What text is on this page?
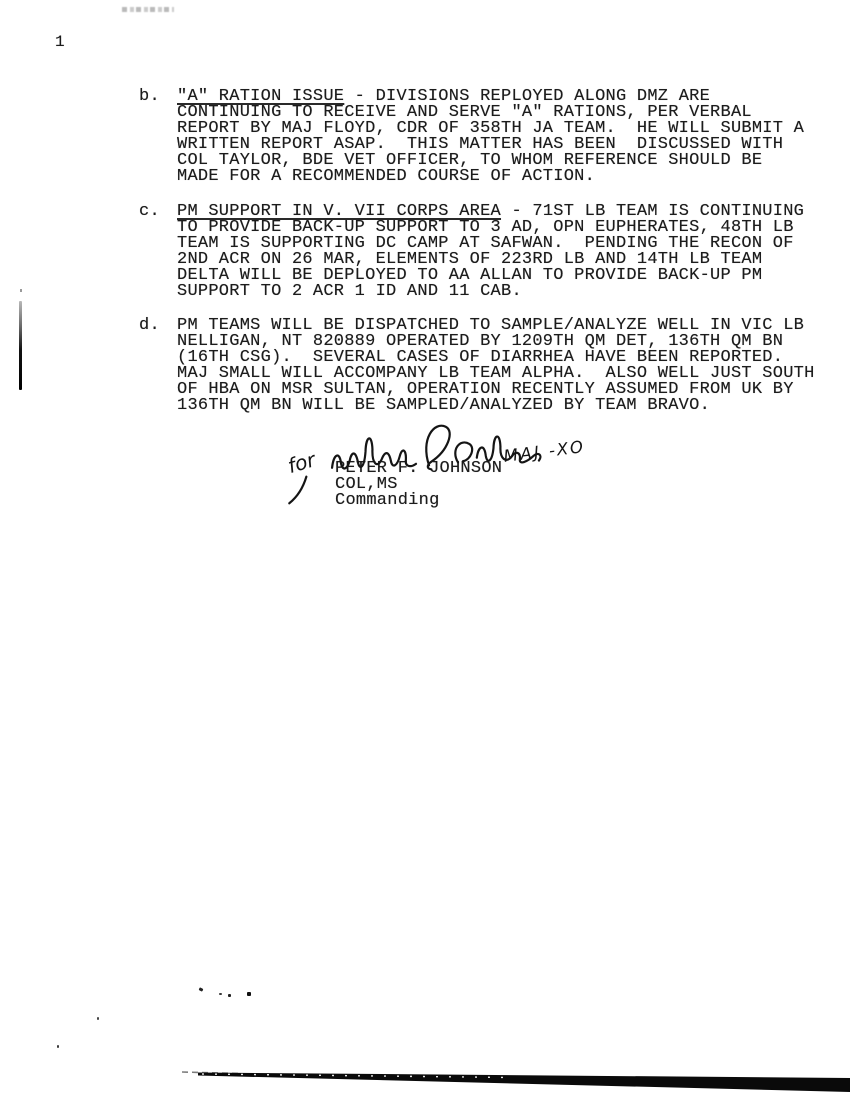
1
b. "A" RATION ISSUE - DIVISIONS REPLOYED ALONG DMZ ARE
CONTINUING TO RECEIVE AND SERVE "A" RATIONS, PER VERBAL
REPORT BY MAJ FLOYD, CDR OF 358TH JA TEAM.  HE WILL SUBMIT A
WRITTEN REPORT ASAP.  THIS MATTER HAS BEEN  DISCUSSED WITH
COL TAYLOR, BDE VET OFFICER, TO WHOM REFERENCE SHOULD BE
MADE FOR A RECOMMENDED COURSE OF ACTION.
c. PM SUPPORT IN V. VII CORPS AREA - 71ST LB TEAM IS CONTINUING
TO PROVIDE BACK-UP SUPPORT TO 3 AD, OPN EUPHERATES, 48TH LB
TEAM IS SUPPORTING DC CAMP AT SAFWAN.  PENDING THE RECON OF
2ND ACR ON 26 MAR, ELEMENTS OF 223RD LB AND 14TH LB TEAM
DELTA WILL BE DEPLOYED TO AA ALLAN TO PROVIDE BACK-UP PM
SUPPORT TO 2 ACR 1 ID AND 11 CAB.
d. PM TEAMS WILL BE DISPATCHED TO SAMPLE/ANALYZE WELL IN VIC LB
NELLIGAN, NT 820889 OPERATED BY 1209TH QM DET, 136TH QM BN
(16TH CSG).  SEVERAL CASES OF DIARRHEA HAVE BEEN REPORTED.
MAJ SMALL WILL ACCOMPANY LB TEAM ALPHA.  ALSO WELL JUST SOUTH
OF HBA ON MSR SULTAN, OPERATION RECENTLY ASSUMED FROM UK BY
136TH QM BN WILL BE SAMPLED/ANALYZED BY TEAM BRAVO.
PETER F. JOHNSON
COL,MS
Commanding
for	MAJ -XO
